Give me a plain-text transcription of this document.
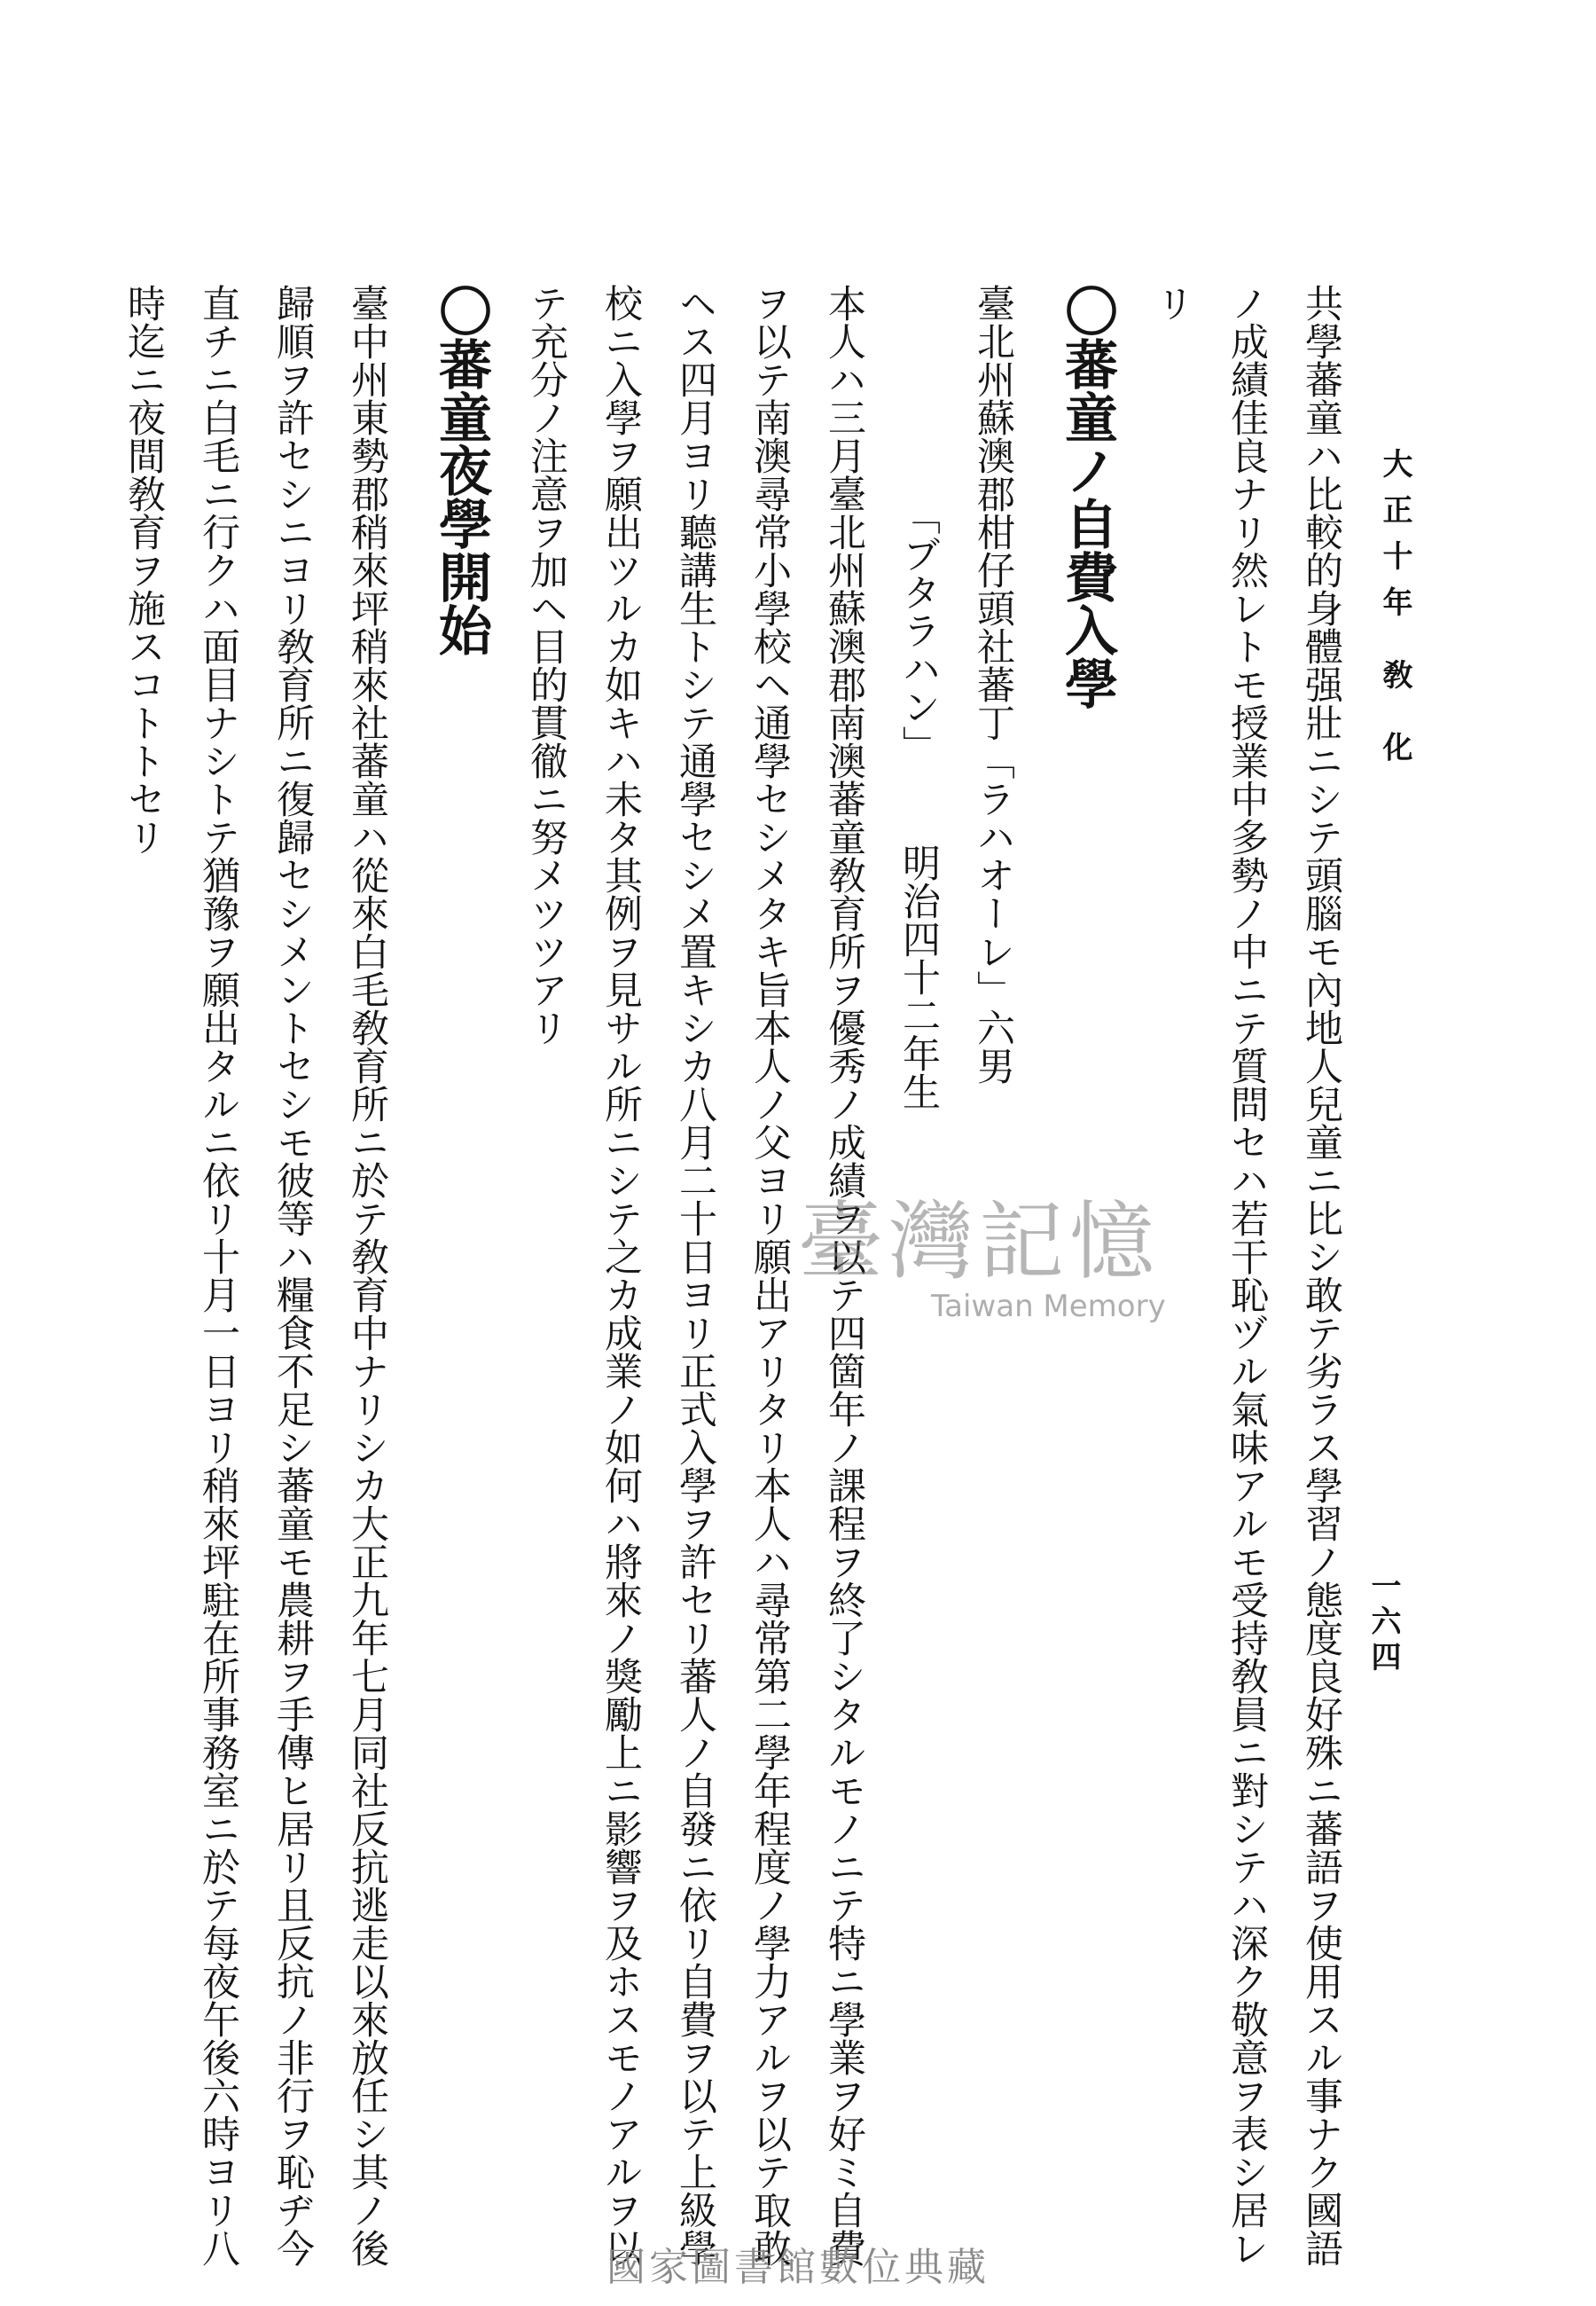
大正十年 敎 化
一六四
共學蕃童ハ比較的身體强壯ニシテ頭腦モ內地人兒童ニ比シ敢テ劣ラス學習ノ態度良好殊ニ蕃語ヲ使用スル事ナク國語
ノ成績佳良ナリ然レトモ授業中多勢ノ中ニテ質問セハ若干恥ヅル氣味アルモ受持敎員ニ對シテハ深ク敬意ヲ表シ居レ
リ
〇蕃童ノ自費入學
臺北州蘇澳郡柑仔頭社蕃丁「ラハオーレ」六男
「ブタラハン」明治四十二年生
本人ハ三月臺北州蘇澳郡南澳蕃童敎育所ヲ優秀ノ成績ヲ以テ四箇年ノ課程ヲ終了シタルモノニテ特ニ學業ヲ好ミ自費
ヲ以テ南澳尋常小學校ヘ通學セシメタキ旨本人ノ父ヨリ願出アリタリ本人ハ尋常第二學年程度ノ學力アルヲ以テ取敢
ヘス四月ヨリ聽講生トシテ通學セシメ置キシカ八月二十日ヨリ正式入學ヲ許セリ蕃人ノ自發ニ依リ自費ヲ以テ上級學
校ニ入學ヲ願出ツルカ如キハ未タ其例ヲ見サル所ニシテ之カ成業ノ如何ハ將來ノ獎勵上ニ影響ヲ及ホスモノアルヲ以
テ充分ノ注意ヲ加ヘ目的貫徹ニ努メツツアリ
〇蕃童夜學開始
臺中州東勢郡稍來坪稍來社蕃童ハ從來白毛敎育所ニ於テ敎育中ナリシカ大正九年七月同社反抗逃走以來放任シ其ノ後
歸順ヲ許セシニヨリ敎育所ニ復歸セシメントセシモ彼等ハ糧食不足シ蕃童モ農耕ヲ手傳ヒ居リ且反抗ノ非行ヲ恥ヂ今
直チニ白毛ニ行クハ面目ナシトテ猶豫ヲ願出タルニ依リ十月一日ヨリ稍來坪駐在所事務室ニ於テ每夜午後六時ヨリ八
時迄ニ夜間敎育ヲ施スコトトセリ
臺灣記憶
Taiwan Memory
國家圖書館數位典藏
